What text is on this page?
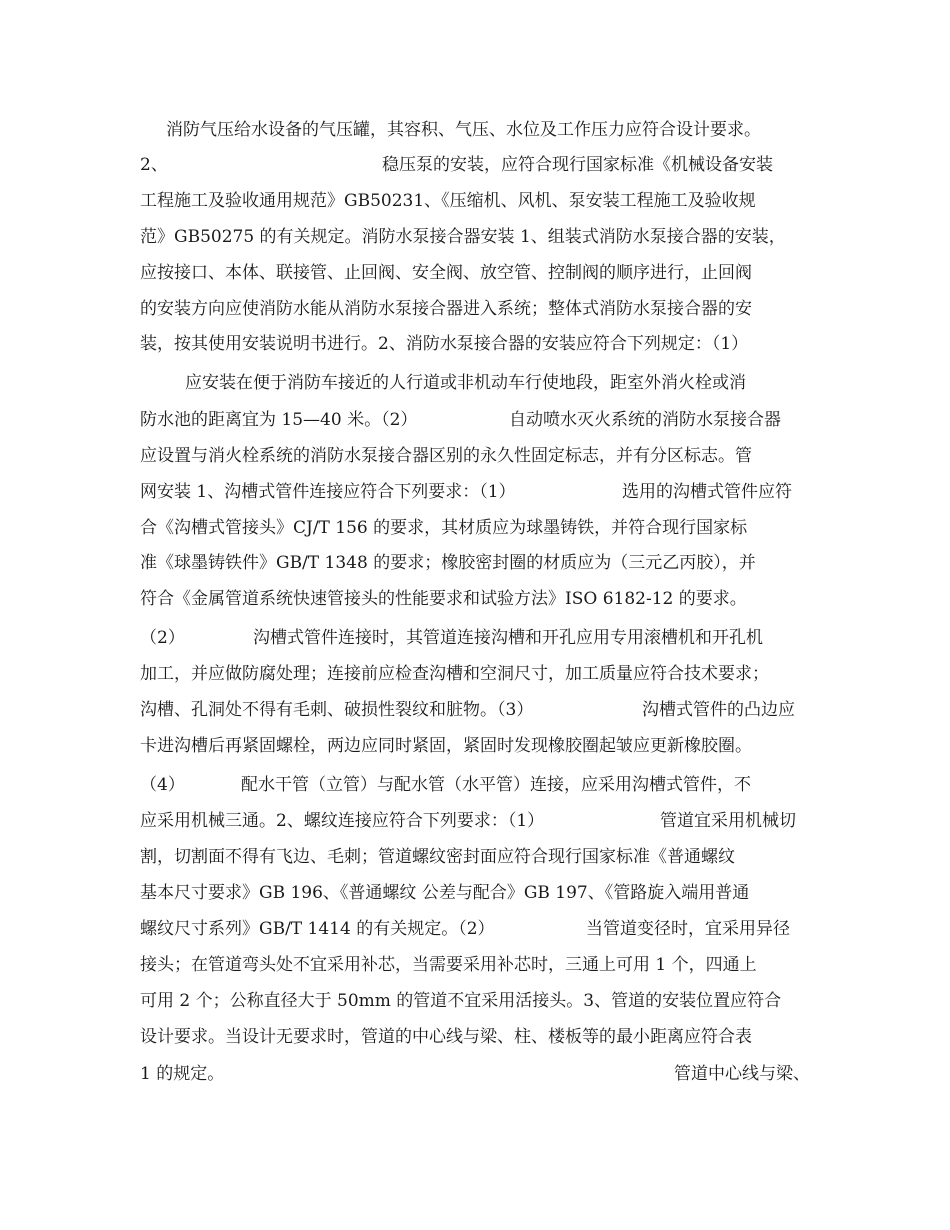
消防气压给水设备的气压罐，其容积、气压、水位及工作压力应符合设计要求。
2、	稳压泵的安装，应符合现行国家标准《机械设备安装
工程施工及验收通用规范》GB50231、《压缩机、风机、泵安装工程施工及验收规
范》GB50275 的有关规定。消防水泵接合器安装 1、组装式消防水泵接合器的安装，
应按接口、本体、联接管、止回阀、安全阀、放空管、控制阀的顺序进行，止回阀
的安装方向应使消防水能从消防水泵接合器进入系统；整体式消防水泵接合器的安
装，按其使用安装说明书进行。2、消防水泵接合器的安装应符合下列规定：（1）
应安装在便于消防车接近的人行道或非机动车行使地段，距室外消火栓或消
防水池的距离宜为 15—40 米。（2）	自动喷水灭火系统的消防水泵接合器
应设置与消火栓系统的消防水泵接合器区别的永久性固定标志，并有分区标志。管
网安装 1、沟槽式管件连接应符合下列要求：（1）	选用的沟槽式管件应符
合《沟槽式管接头》CJ/T 156 的要求，其材质应为球墨铸铁，并符合现行国家标
准《球墨铸铁件》GB/T 1348 的要求；橡胶密封圈的材质应为（三元乙丙胶），并
符合《金属管道系统快速管接头的性能要求和试验方法》ISO 6182-12 的要求。
（2）	沟槽式管件连接时，其管道连接沟槽和开孔应用专用滚槽机和开孔机
加工，并应做防腐处理；连接前应检查沟槽和空洞尺寸，加工质量应符合技术要求；
沟槽、孔洞处不得有毛刺、破损性裂纹和脏物。（3）	沟槽式管件的凸边应
卡进沟槽后再紧固螺栓，两边应同时紧固，紧固时发现橡胶圈起皱应更新橡胶圈。
（4）	配水干管（立管）与配水管（水平管）连接，应采用沟槽式管件，不
应采用机械三通。2、螺纹连接应符合下列要求：（1）	管道宜采用机械切
割，切割面不得有飞边、毛刺；管道螺纹密封面应符合现行国家标准《普通螺纹
基本尺寸要求》GB 196、《普通螺纹 公差与配合》GB 197、《管路旋入端用普通
螺纹尺寸系列》GB/T 1414 的有关规定。（2）	当管道变径时，宜采用异径
接头；在管道弯头处不宜采用补芯，当需要采用补芯时，三通上可用 1 个，四通上
可用 2 个；公称直径大于 50mm 的管道不宜采用活接头。3、管道的安装位置应符合
设计要求。当设计无要求时，管道的中心线与梁、柱、楼板等的最小距离应符合表
1 的规定。	管道中心线与梁、
